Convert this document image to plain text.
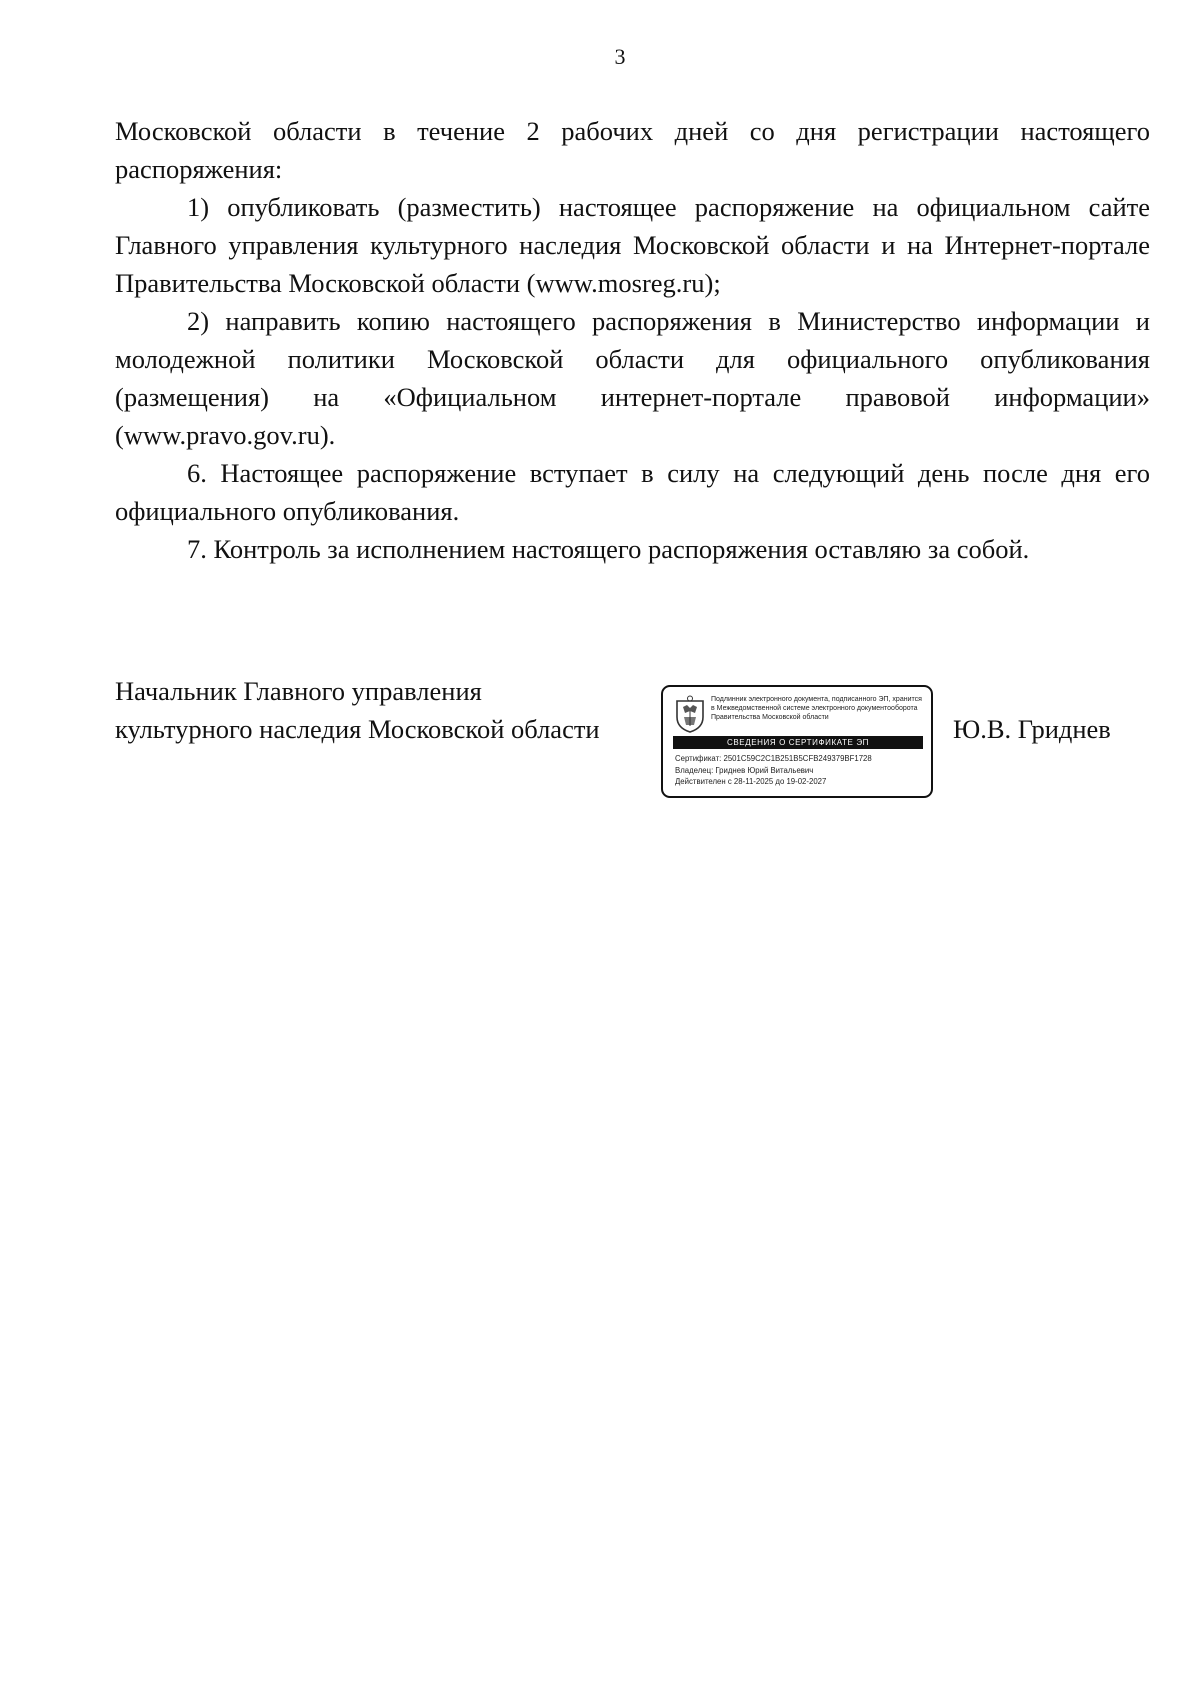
3

Московской области в течение 2 рабочих дней со дня регистрации настоящего распоряжения:

1) опубликовать (разместить) настоящее распоряжение на официальном сайте Главного управления культурного наследия Московской области и на Интернет-портале Правительства Московской области (www.mosreg.ru);

2) направить копию настоящего распоряжения в Министерство информации и молодежной политики Московской области для официального опубликования (размещения) на «Официальном интернет-портале правовой информации» (www.pravo.gov.ru).

6. Настоящее распоряжение вступает в силу на следующий день после дня его официального опубликования.

7. Контроль за исполнением настоящего распоряжения оставляю за собой.

Начальник Главного управления
культурного наследия Московской области
Подлинник электронного документа, подписанного ЭП, хранится в Межведомственной системе электронного документооборота Правительства Московской области
СВЕДЕНИЯ О СЕРТИФИКАТЕ ЭП
Сертификат: 2501C59C2C1B251B5CFB249379BF1728
Владелец: Гриднев Юрий Витальевич
Действителен с 28-11-2025 до 19-02-2027
Ю.В. Гриднев
